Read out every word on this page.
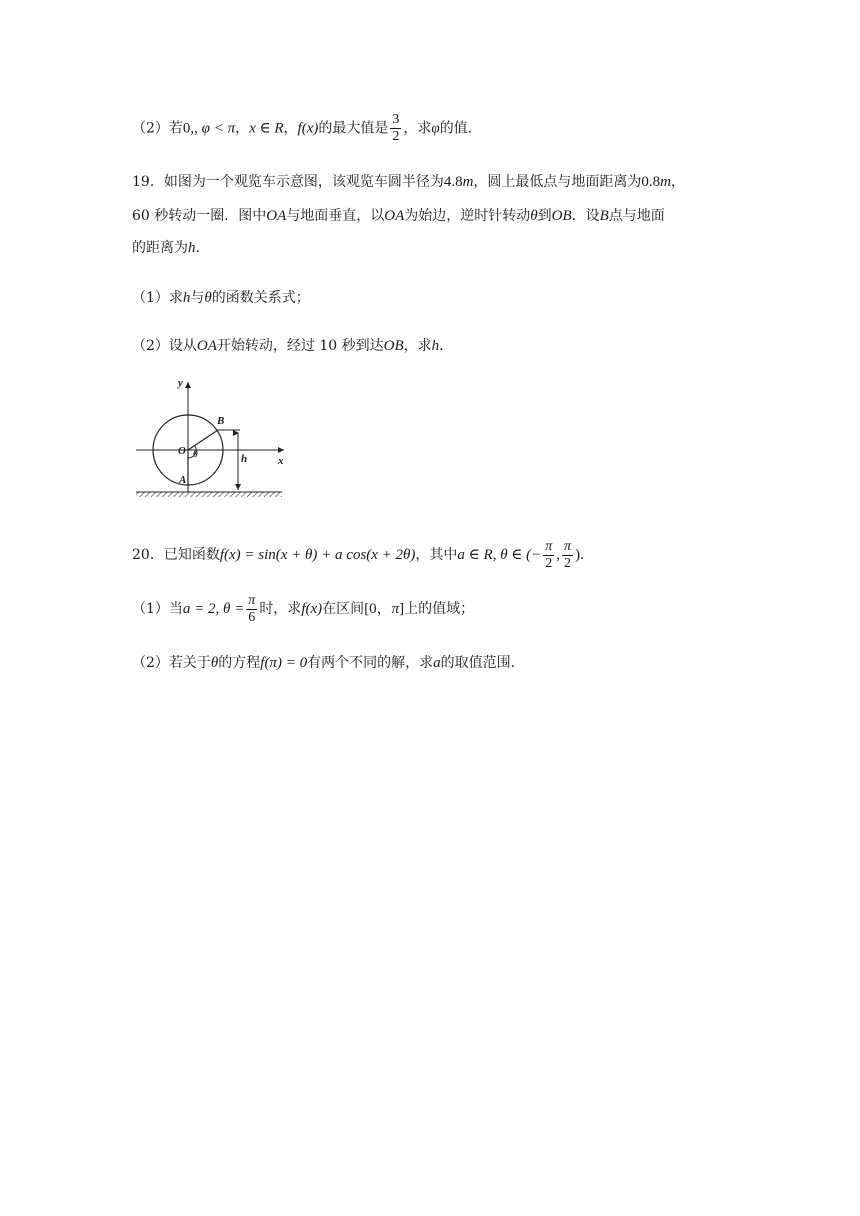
（2）若0,, φ < π，x ∈ R，f(x)的最大值是 $\frac{3}{2}$ ，求φ的值.
19．如图为一个观览车示意图，该观览车圆半径为4.8m，圆上最低点与地面距离为0.8m，
60 秒转动一圈．图中OA与地面垂直，以OA为始边，逆时针转动θ到OB．设B点与地面
的距离为h.
（1）求h与θ的函数关系式；
（2）设从OA开始转动，经过 10 秒到达OB，求h.
y
x
O θ
A
B
h
20．已知函数f(x) = sin(x + θ) + a cos(x + 2θ)，其中a ∈ R, θ ∈ (− $\frac{\pi}{2}$ , $\frac{\pi}{2}$ ).
（1）当a = 2, $\theta = \frac{\pi}{6}$ 时，求f(x)在区间[0，π]上的值域；
（2）若关于θ的方程f(π) = 0有两个不同的解，求a的取值范围.
